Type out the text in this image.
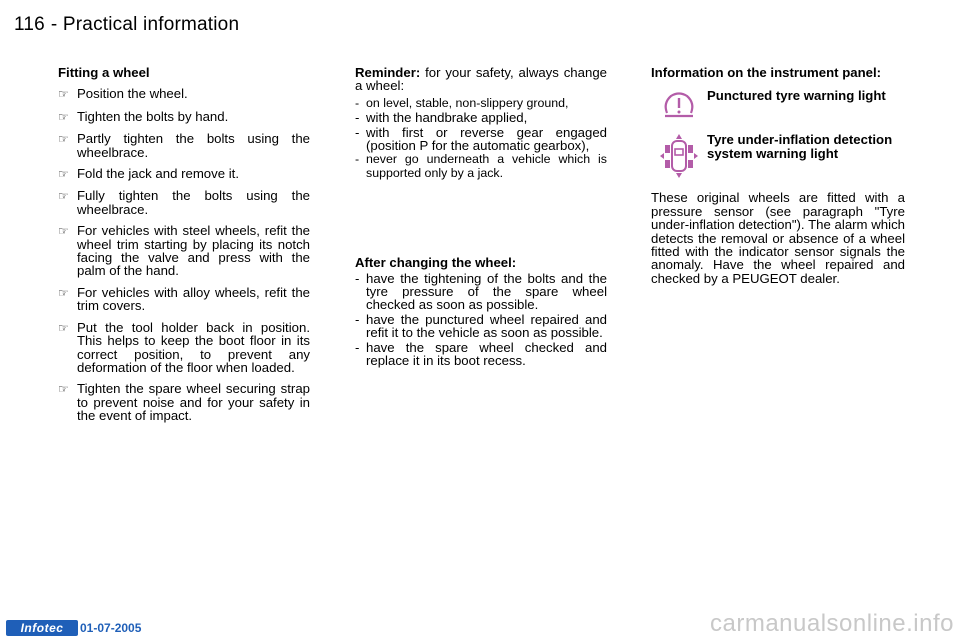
116 - Practical information
Fitting a wheel
☞ Position the wheel.
☞ Tighten the bolts by hand.
☞ Partly tighten the bolts using the wheelbrace.
☞ Fold the jack and remove it.
☞ Fully tighten the bolts using the wheelbrace.
☞ For vehicles with steel wheels, refit the wheel trim starting by placing its notch facing the valve and press with the palm of the hand.
☞ For vehicles with alloy wheels, refit the trim covers.
☞ Put the tool holder back in position. This helps to keep the boot floor in its correct position, to prevent any deformation of the floor when loaded.
☞ Tighten the spare wheel securing strap to prevent noise and for your safety in the event of impact.
Reminder: for your safety, always change a wheel:
- on level, stable, non-slippery ground,
- with the handbrake applied,
- with first or reverse gear engaged (position P for the automatic gearbox),
- never go underneath a vehicle which is supported only by a jack.
After changing the wheel:
- have the tightening of the bolts and the tyre pressure of the spare wheel checked as soon as possible.
- have the punctured wheel repaired and refit it to the vehicle as soon as possible.
- have the spare wheel checked and replace it in its boot recess.
Information on the instrument panel:
Punctured tyre warning light
Tyre under-inflation detection system warning light
These original wheels are fitted with a pressure sensor (see paragraph "Tyre under-inflation detection"). The alarm which detects the removal or absence of a wheel fitted with the indicator sensor signals the anomaly. Have the wheel repaired and checked by a PEUGEOT dealer.
Infotec	01-07-2005	carmanualsonline.info
